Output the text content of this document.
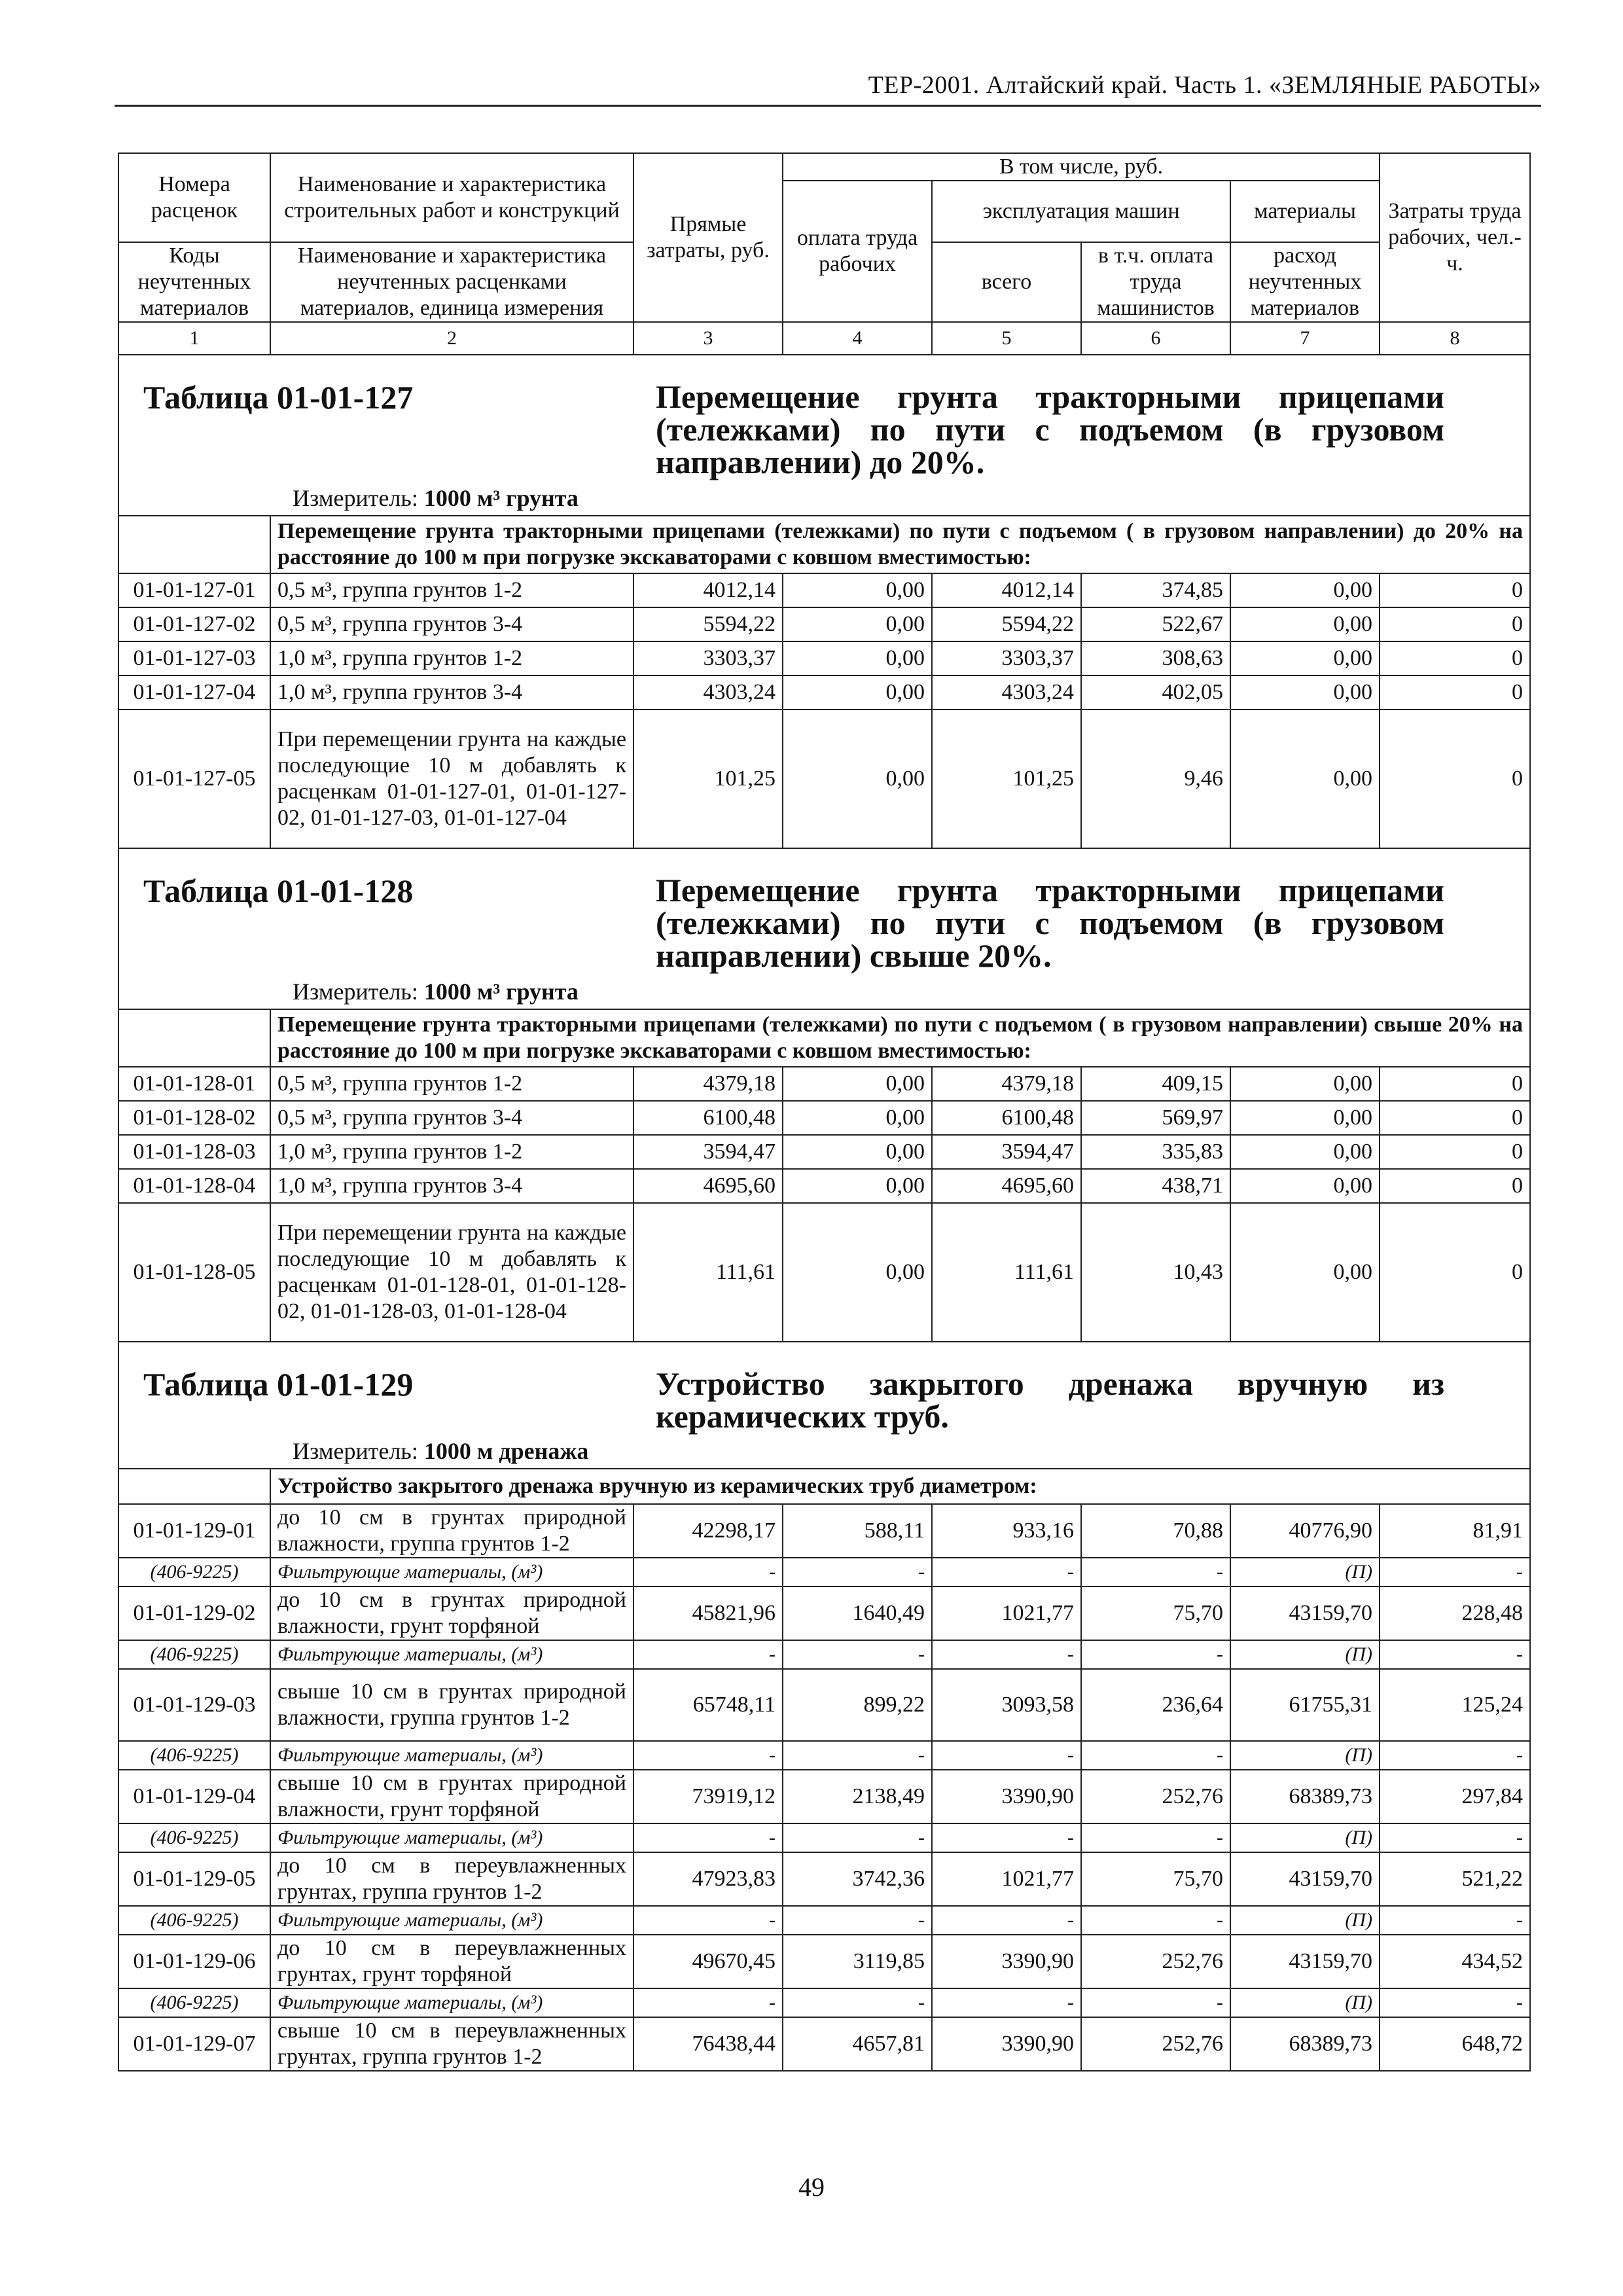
ТЕР-2001. Алтайский край. Часть 1. «ЗЕМЛЯНЫЕ РАБОТЫ»
Номера расценок	Наименование и характеристика строительных работ и конструкций	Прямые затраты, руб.	В том числе, руб.				Затраты труда рабочих, чел.-ч.
			оплата труда рабочих	эксплуатация машин		материалы	
Коды неучтенных материалов	Наименование и характеристика неучтенных расценками материалов, единица измерения			всего	в т.ч. оплата труда машинистов	расход неучтенных материалов	
1	2	3	4	5	6	7	8

Таблица 01-01-127 Перемещение грунта тракторными прицепами (тележками) по пути с подъемом (в грузовом направлении) до 20%.
Измеритель: 1000 м³ грунта							

	Перемещение грунта тракторными прицепами (тележками) по пути с подъемом ( в грузовом направлении) до 20% на расстояние до 100 м при погрузке экскаваторами с ковшом вместимостью:						
01-01-127-01	0,5 м³, группа грунтов 1-2	4012,14	0,00	4012,14	374,85	0,00	0
01-01-127-02	0,5 м³, группа грунтов 3-4	5594,22	0,00	5594,22	522,67	0,00	0
01-01-127-03	1,0 м³, группа грунтов 1-2	3303,37	0,00	3303,37	308,63	0,00	0
01-01-127-04	1,0 м³, группа грунтов 3-4	4303,24	0,00	4303,24	402,05	0,00	0
01-01-127-05	При перемещении грунта на каждые последующие 10 м добавлять к расценкам 01-01-127-01, 01-01-127-02, 01-01-127-03, 01-01-127-04	101,25	0,00	101,25	9,46	0,00	0

Таблица 01-01-128 Перемещение грунта тракторными прицепами (тележками) по пути с подъемом (в грузовом направлении) свыше 20%.
Измеритель: 1000 м³ грунта							

	Перемещение грунта тракторными прицепами (тележками) по пути с подъемом ( в грузовом направлении) свыше 20% на расстояние до 100 м при погрузке экскаваторами с ковшом вместимостью:						
01-01-128-01	0,5 м³, группа грунтов 1-2	4379,18	0,00	4379,18	409,15	0,00	0
01-01-128-02	0,5 м³, группа грунтов 3-4	6100,48	0,00	6100,48	569,97	0,00	0
01-01-128-03	1,0 м³, группа грунтов 1-2	3594,47	0,00	3594,47	335,83	0,00	0
01-01-128-04	1,0 м³, группа грунтов 3-4	4695,60	0,00	4695,60	438,71	0,00	0
01-01-128-05	При перемещении грунта на каждые последующие 10 м добавлять к расценкам 01-01-128-01, 01-01-128-02, 01-01-128-03, 01-01-128-04	111,61	0,00	111,61	10,43	0,00	0

Таблица 01-01-129 Устройство закрытого дренажа вручную из керамических труб.
Измеритель: 1000 м дренажа							

	Устройство закрытого дренажа вручную из керамических труб диаметром:						
01-01-129-01	до 10 см в грунтах природной влажности, группа грунтов 1-2	42298,17	588,11	933,16	70,88	40776,90	81,91
(406-9225)	Фильтрующие материалы, (м³)	-	-	-	-	(П)	-
01-01-129-02	до 10 см в грунтах природной влажности, грунт торфяной	45821,96	1640,49	1021,77	75,70	43159,70	228,48
(406-9225)	Фильтрующие материалы, (м³)	-	-	-	-	(П)	-
01-01-129-03	свыше 10 см в грунтах природной влажности, группа грунтов 1-2	65748,11	899,22	3093,58	236,64	61755,31	125,24
(406-9225)	Фильтрующие материалы, (м³)	-	-	-	-	(П)	-
01-01-129-04	свыше 10 см в грунтах природной влажности, грунт торфяной	73919,12	2138,49	3390,90	252,76	68389,73	297,84
(406-9225)	Фильтрующие материалы, (м³)	-	-	-	-	(П)	-
01-01-129-05	до 10 см в переувлажненных грунтах, группа грунтов 1-2	47923,83	3742,36	1021,77	75,70	43159,70	521,22
(406-9225)	Фильтрующие материалы, (м³)	-	-	-	-	(П)	-
01-01-129-06	до 10 см в переувлажненных грунтах, грунт торфяной	49670,45	3119,85	3390,90	252,76	43159,70	434,52
(406-9225)	Фильтрующие материалы, (м³)	-	-	-	-	(П)	-
01-01-129-07	свыше 10 см в переувлажненных грунтах, группа грунтов 1-2	76438,44	4657,81	3390,90	252,76	68389,73	648,72
49
